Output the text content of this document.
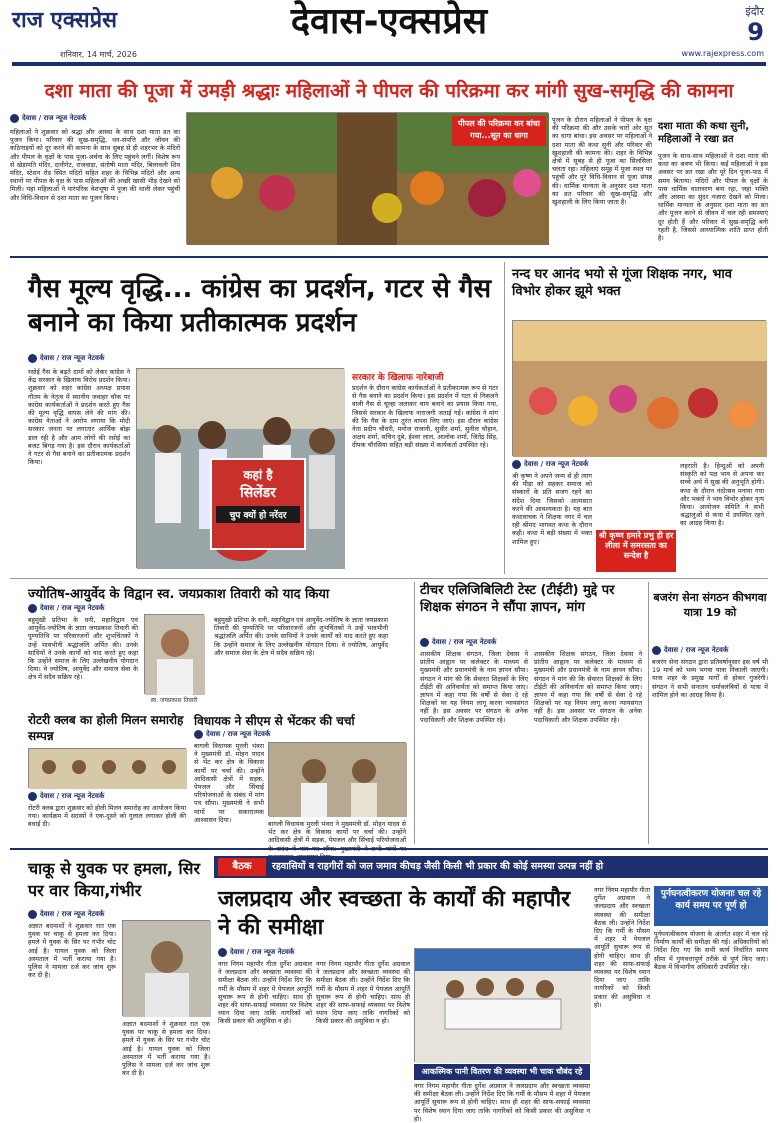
राज एक्सप्रेस	देवास-एक्सप्रेस	इंदौर
9
शनिवार, 14 मार्च, 2026	www.rajexpress.com
दशा माता की पूजा में उमड़ी श्रद्धाः महिलाओं ने पीपल की परिक्रमा कर मांगी सुख-समृद्धि की कामना
देवास / राज न्यूज नेटवर्क
महिलाओं ने शुक्रवार को श्रद्धा और आस्था के साथ दशा माता व्रत का पूजन किया। परिवार की सुख-समृद्धि, धन-संपत्ति और जीवन की कठिनाइयों को दूर करने की कामना के साथ सुबह से ही शहरभर के मंदिरों और पीपल के वृक्षों के पास पूजा-अर्चना के लिए पहुंचने लगीं। विशेष रूप से खेड़ापति मंदिर, दानीगेट, राजवाड़ा, संतोषी माता मंदिर, बिलावली शिव मंदिर, स्टेशन रोड स्थित मंदिरों सहित शहर के विभिन्न मंदिरों और अन्य स्थानों पर पीपल के वृक्ष के पास महिलाओं की अच्छी खासी भीड़ देखने को मिली। यहां महिलाओं ने पारंपरिक वेशभूषा में पूजा की थाली लेकर पहुंचीं और विधि-विधान से दशा माता का पूजन किया।
पीपल की परिक्रमा कर बांधा गया...सूत का धागा
पूजन के दौरान महिलाओं ने पीपल के वृक्ष की परिक्रमा की और उसके चारों ओर सूत का धागा बांधा। इस अवसर पर महिलाओं ने दशा माता की कथा सुनी और परिवार की खुशहाली की कामना की। शहर के विभिन्न क्षेत्रों में सुबह से ही पूजा का सिलसिला चलता रहा। महिलाएं समूह में पूजा स्थल पर पहुंचीं और पूरे विधि-विधान से पूजा संपन्न की। धार्मिक मान्यता के अनुसार दशा माता का व्रत परिवार की सुख-समृद्धि और खुशहाली के लिए किया जाता है।
दशा माता की कथा सुनी, महिलाओं ने रखा व्रत
पूजन के साथ-साथ महिलाओं ने दशा माता की कथा का श्रवण भी किया। कई महिलाओं ने इस अवसर पर व्रत रखा और पूरे दिन पूजा-पाठ में समय बिताया। मंदिरों और पीपल के वृक्षों के पास धार्मिक वातावरण बना रहा, जहां भक्ति और आस्था का सुंदर नजारा देखने को मिला। धार्मिक मान्यता के अनुसार दशा माता का व्रत और पूजन करने से जीवन में चल रही समस्याएं दूर होती हैं और परिवार में सुख-समृद्धि बनी रहती है, जिससे आध्यात्मिक शांति प्राप्त होती है।
गैस मूल्य वृद्धि... कांग्रेस का प्रदर्शन, गटर से गैस बनाने का किया प्रतीकात्मक प्रदर्शन
देवास / राज न्यूज नेटवर्क
रसोई गैस के बढ़ते दामों को लेकर कांग्रेस ने केंद्र सरकार के खिलाफ विरोध प्रदर्शन किया। शुक्रवार को शहर कांग्रेस अध्यक्ष प्रयास गौतम के नेतृत्व में स्थानीय जवाहर चौक पर कांग्रेस कार्यकर्ताओं ने प्रदर्शन करते हुए गैस की मूल्य वृद्धि वापस लेने की मांग की। कांग्रेस नेताओं ने आरोप लगाया कि मोदी सरकार जनता पर लगातार आर्थिक बोझ डाल रही है और आम लोगों की रसोई का बजट बिगड़ गया है। इस दौरान कार्यकर्ताओं ने गटर से गैस बनाने का प्रतीकात्मक प्रदर्शन किया।
कहां है
सिलेंडर
चुप क्यों हो नरेंदर
सरकार के खिलाफ नारेबाजी
प्रदर्शन के दौरान कांग्रेस कार्यकर्ताओं ने प्रतीकात्मक रूप से गटर से गैस बनाने का प्रदर्शन किया। इस प्रदर्शन में गटर से निकलने वाली गैस से चूल्हा जलाकर चाय बनाने का प्रयास किया गया, जिससे सरकार के खिलाफ नाराजगी जताई गई। कांग्रेस ने मांग की कि गैस के दाम तुरंत वापस लिए जाएं। इस दौरान कांग्रेस नेता प्रदीप चौधरी, मनोज राजानी, सुधीर शर्मा, सुनील चौहान, अक्षय शर्मा, सचिन दुबे, ईश्वर लाल, आलोक शर्मा, जितेंद्र सिंह, दीपक चौरसिया सहित बड़ी संख्या में कार्यकर्ता उपस्थित रहे।
नन्द घर आनंद भयो से गूंजा शिक्षक नगर, भाव विभोर होकर झूमे भक्त
देवास / राज न्यूज नेटवर्क
श्री कृष्ण ने अपने जन्म से ही त्याग की पीड़ा को सहकर समाज को संस्कारों के प्रति सजग रहने का संदेश दिया जिसको आत्मसात करने की आवश्यकता है। यह बात कथावाचक ने शिक्षक नगर में चल रही श्रीमद भागवत कथा के दौरान कही। कथा में बड़ी संख्या में भक्त शामिल हुए।
श्री कृष्ण हमारे प्रभु ही हर लीला में समरसता का सन्देश है
लहराती है। हिन्दुओं को अपनी संस्कृति को पक्ष भाव से अपना कर सच्चे अर्थ में सुख की अनुभूति होगी। कथा के दौरान नंदोत्सव मनाया गया और भक्तों ने भाव विभोर होकर नृत्य किया। आयोजन समिति ने सभी श्रद्धालुओं से कथा में उपस्थित रहने का आग्रह किया है।
ज्योतिष-आयुर्वेद के विद्वान स्व. जयप्रकाश तिवारी को याद किया
देवास / राज न्यूज नेटवर्क
बहुमुखी प्रतिभा के धनी, महाविद्वान एवं आयुर्वेद-ज्योतिष के ज्ञाता जयप्रकाश तिवारी की पुण्यतिथि पर परिवारजनों और शुभचिंतकों ने उन्हें भावभीनी श्रद्धांजलि अर्पित की। उनके साथियों ने उनके कार्यों को याद करते हुए कहा कि उन्होंने समाज के लिए उल्लेखनीय योगदान दिया। वे ज्योतिष, आयुर्वेद और समाज सेवा के क्षेत्र में सदैव सक्रिय रहे।
स्व. जयप्रकाश तिवारी
बहुमुखी प्रतिभा के धनी, महाविद्वान एवं आयुर्वेद-ज्योतिष के ज्ञाता जयप्रकाश तिवारी की पुण्यतिथि पर परिवारजनों और शुभचिंतकों ने उन्हें भावभीनी श्रद्धांजलि अर्पित की। उनके साथियों ने उनके कार्यों को याद करते हुए कहा कि उन्होंने समाज के लिए उल्लेखनीय योगदान दिया। वे ज्योतिष, आयुर्वेद और समाज सेवा के क्षेत्र में सदैव सक्रिय रहे।
रोटरी क्लब का होली मिलन समारोह सम्पन्न
देवास / राज न्यूज नेटवर्क
रोटरी क्लब द्वारा शुक्रवार को होली मिलन समारोह का आयोजन किया गया। कार्यक्रम में सदस्यों ने एक-दूसरे को गुलाल लगाकर होली की बधाई दी।
विधायक ने सीएम से भेंटकर की चर्चा
देवास / राज न्यूज नेटवर्क
बागली विधायक मुरली भंवरा ने मुख्यमंत्री डॉ. मोहन यादव से भेंट कर क्षेत्र के विकास कार्यों पर चर्चा की। उन्होंने आदिवासी क्षेत्रों में सड़क, पेयजल और सिंचाई परियोजनाओं के संबंध में मांग पत्र सौंपा। मुख्यमंत्री ने सभी मांगों पर सकारात्मक आश्वासन दिया।
बागली विधायक मुरली भंवरा ने मुख्यमंत्री डॉ. मोहन यादव से भेंट कर क्षेत्र के विकास कार्यों पर चर्चा की। उन्होंने आदिवासी क्षेत्रों में सड़क, पेयजल और सिंचाई परियोजनाओं
टीचर एलिजिबिलिटी टेस्ट (टीईटी) मुद्दे पर शिक्षक संगठन ने सौंपा ज्ञापन, मांग
देवास / राज न्यूज नेटवर्क
शासकीय शिक्षक संगठन, जिला देवास ने प्रांतीय आह्वान पर कलेक्टर के माध्यम से मुख्यमंत्री और प्रधानमंत्री के नाम ज्ञापन सौंपा। संगठन ने मांग की कि सेवारत शिक्षकों के लिए टीईटी की अनिवार्यता को समाप्त किया जाए। ज्ञापन में कहा गया कि वर्षों से सेवा दे रहे शिक्षकों पर यह नियम लागू करना न्यायसंगत नहीं है। इस अवसर पर संगठन के अनेक पदाधिकारी और शिक्षक उपस्थित रहे।
शासकीय शिक्षक संगठन, जिला देवास ने प्रांतीय आह्वान पर कलेक्टर के माध्यम से मुख्यमंत्री और प्रधानमंत्री के नाम ज्ञापन सौंपा। संगठन ने मांग की कि सेवारत शिक्षकों के लिए टीईटी की अनिवार्यता को समाप्त किया जाए। ज्ञापन में कहा गया कि वर्षों से सेवा दे रहे शिक्षकों पर यह नियम लागू करना न्यायसंगत नहीं है। इस अवसर पर संगठन के अनेक पदाधिकारी और शिक्षक उपस्थित रहे।
बजरंग सेना संगठन कीभगवा यात्रा 19 को
देवास / राज न्यूज नेटवर्क
बजरंग सेना संगठन द्वारा प्रतिवर्षानुसार इस वर्ष भी 19 मार्च को भव्य भगवा यात्रा निकाली जाएगी। यात्रा शहर के प्रमुख मार्गों से होकर गुजरेगी। संगठन ने सभी सनातन धर्मावलंबियों से यात्रा में शामिल होने का आग्रह किया है।
चाकू से युवक पर हमला, सिर पर वार किया,गंभीर
देवास / राज न्यूज नेटवर्क
अज्ञात बदमाशों ने शुक्रवार रात एक युवक पर चाकू से हमला कर दिया। हमले में युवक के सिर पर गंभीर चोट आई है। घायल युवक को जिला अस्पताल में भर्ती कराया गया है। पुलिस ने मामला दर्ज कर जांच शुरू कर दी है।
अज्ञात बदमाशों ने शुक्रवार रात एक युवक पर चाकू से हमला कर दिया। हमले में युवक के सिर पर गंभीर चोट आई है। घायल युवक को जिला अस्पताल में भर्ती कराया गया है। पुलिस ने मामला दर्ज कर जांच शुरू कर दी है।
बैठक	रहवासियों व राहगीरों को जल जमाव कीचड़ जैसी किसी भी प्रकार की कोई समस्या उत्पन्न नहीं हो
जलप्रदाय और स्वच्छता के कार्यों की महापौर ने की समीक्षा
देवास / राज न्यूज नेटवर्क
नगर निगम महापौर गीता दुर्गेश अग्रवाल ने जलप्रदाय और स्वच्छता व्यवस्था की समीक्षा बैठक ली। उन्होंने निर्देश दिए कि गर्मी के मौसम में शहर में पेयजल आपूर्ति सुचारू रूप से होनी चाहिए। साथ ही शहर की साफ-सफाई व्यवस्था पर विशेष ध्यान दिया जाए ताकि नागरिकों को किसी प्रकार की असुविधा न हो।
नगर निगम महापौर गीता दुर्गेश अग्रवाल ने जलप्रदाय और स्वच्छता व्यवस्था की समीक्षा बैठक ली। उन्होंने निर्देश दिए कि गर्मी के मौसम में शहर में पेयजल आपूर्ति सुचारू रूप से होनी चाहिए। साथ ही शहर की साफ-सफाई व्यवस्था पर विशेष ध्यान दिया जाए ताकि नागरिकों को किसी प्रकार की असुविधा न हो।
आकस्मिक पानी वितरण की व्यवस्था भी चाक चौबंद रहे
नगर निगम महापौर गीता दुर्गेश अग्रवाल ने जलप्रदाय और स्वच्छता व्यवस्था की समीक्षा बैठक ली। उन्होंने निर्देश दिए कि गर्मी के मौसम में शहर में पेयजल आपूर्ति सुचारू रूप से होनी चाहिए। साथ ही शहर की साफ-सफाई व्यवस्था पर विशेष ध्यान दिया जाए ताकि नागरिकों को किसी प्रकार की असुविधा न हो।
नगर निगम महापौर गीता दुर्गेश अग्रवाल ने जलप्रदाय और स्वच्छता व्यवस्था की समीक्षा बैठक ली। उन्होंने निर्देश दिए कि गर्मी के मौसम में शहर में पेयजल आपूर्ति सुचारू रूप से होनी चाहिए। साथ ही शहर की साफ-सफाई व्यवस्था पर विशेष ध्यान दिया जाए ताकि नागरिकों को किसी प्रकार की असुविधा न हो।
पुर्नघनत्वीकरण योजनाः चल रहे कार्य समय पर पूर्ण हो
पुर्नघनत्वीकरण योजना के अंतर्गत शहर में चल रहे निर्माण कार्यों की समीक्षा की गई। अधिकारियों को निर्देश दिए गए कि सभी कार्य निर्धारित समय सीमा में गुणवत्तापूर्ण तरीके से पूर्ण किए जाएं। बैठक में विभागीय अधिकारी उपस्थित रहे।
